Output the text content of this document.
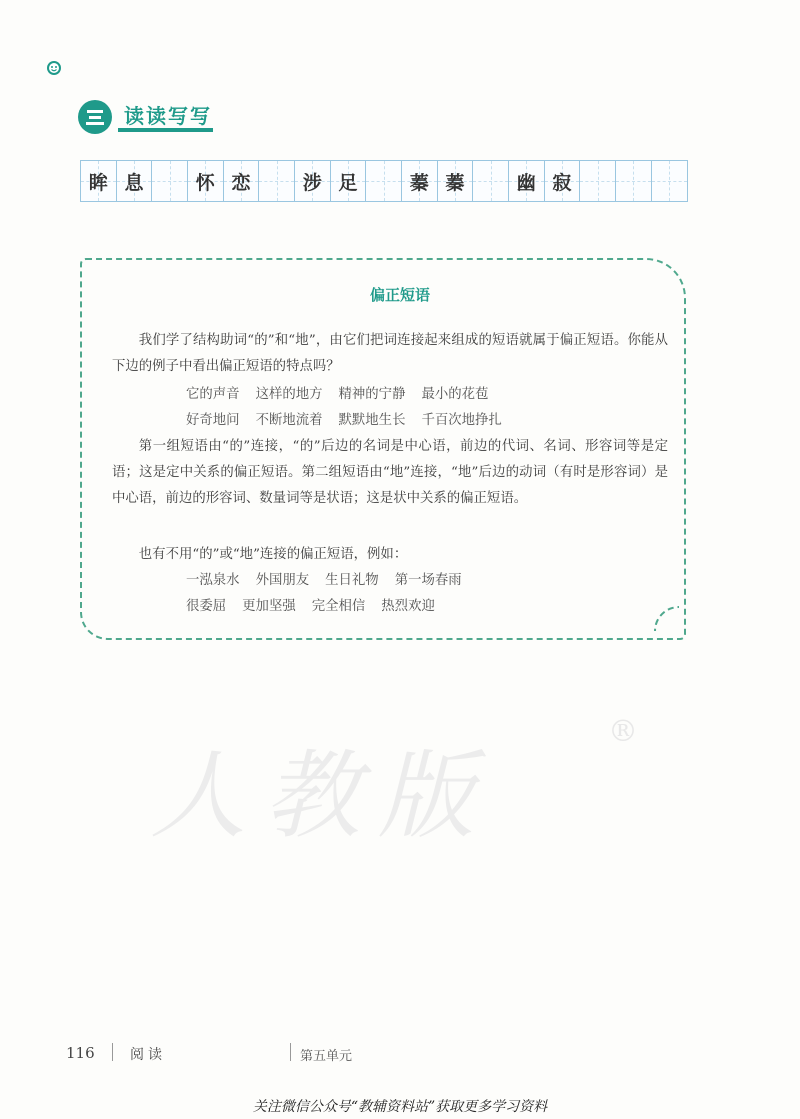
读读写写
眸 息	怀 恋	涉 足	蓁 蓁	幽 寂
偏正短语
我们学了结构助词“的”和“地”，由它们把词连接起来组成的短语就属于偏正短语。你能从下边的例子中看出偏正短语的特点吗？
它的声音 这样的地方 精神的宁静 最小的花苞
好奇地问 不断地流着 默默地生长 千百次地挣扎
第一组短语由“的”连接，“的”后边的名词是中心语，前边的代词、名词、形容词等是定语；这是定中关系的偏正短语。第二组短语由“地”连接，“地”后边的动词（有时是形容词）是中心语，前边的形容词、数量词等是状语；这是状中关系的偏正短语。
也有不用“的”或“地”连接的偏正短语，例如：
一泓泉水 外国朋友 生日礼物 第一场春雨
很委屈 更加坚强 完全相信 热烈欢迎
人教版
®
116	阅读	第五单元
关注微信公众号“教辅资料站”获取更多学习资料
